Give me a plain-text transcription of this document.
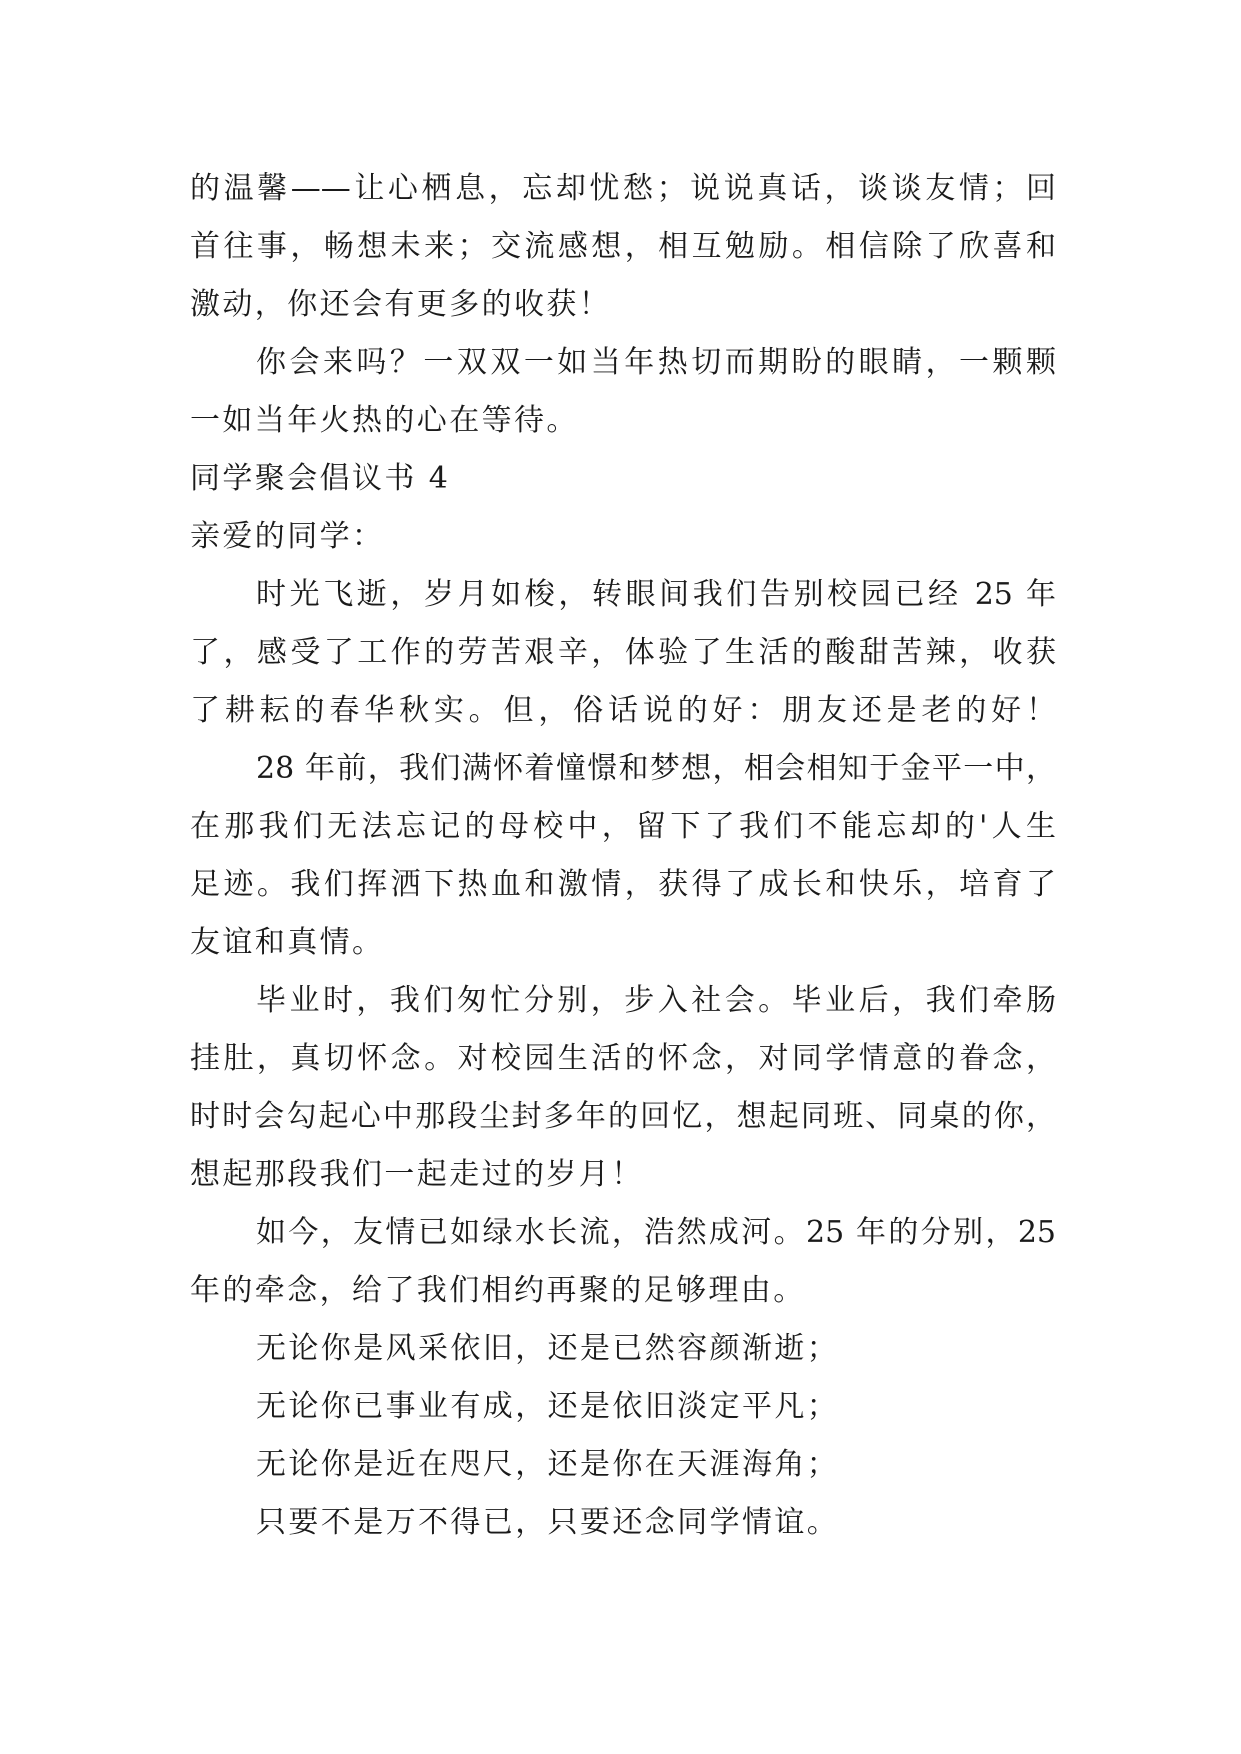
的温馨——让心栖息，忘却忧愁；说说真话，谈谈友情；回
首往事，畅想未来；交流感想，相互勉励。相信除了欣喜和
激动，你还会有更多的收获！
你会来吗？一双双一如当年热切而期盼的眼睛，一颗颗
一如当年火热的心在等待。
同学聚会倡议书 4
亲爱的同学：
时光飞逝，岁月如梭，转眼间我们告别校园已经 25 年
了，感受了工作的劳苦艰辛，体验了生活的酸甜苦辣，收获
了耕耘的春华秋实。但，俗话说的好：朋友还是老的好！
28 年前，我们满怀着憧憬和梦想，相会相知于金平一中，
在那我们无法忘记的母校中，留下了我们不能忘却的'人生
足迹。我们挥洒下热血和激情，获得了成长和快乐，培育了
友谊和真情。
毕业时，我们匆忙分别，步入社会。毕业后，我们牵肠
挂肚，真切怀念。对校园生活的怀念，对同学情意的眷念，
时时会勾起心中那段尘封多年的回忆，想起同班、同桌的你，
想起那段我们一起走过的岁月！
如今，友情已如绿水长流，浩然成河。25 年的分别，25
年的牵念，给了我们相约再聚的足够理由。
无论你是风采依旧，还是已然容颜渐逝；
无论你已事业有成，还是依旧淡定平凡；
无论你是近在咫尺，还是你在天涯海角；
只要不是万不得已，只要还念同学情谊。
